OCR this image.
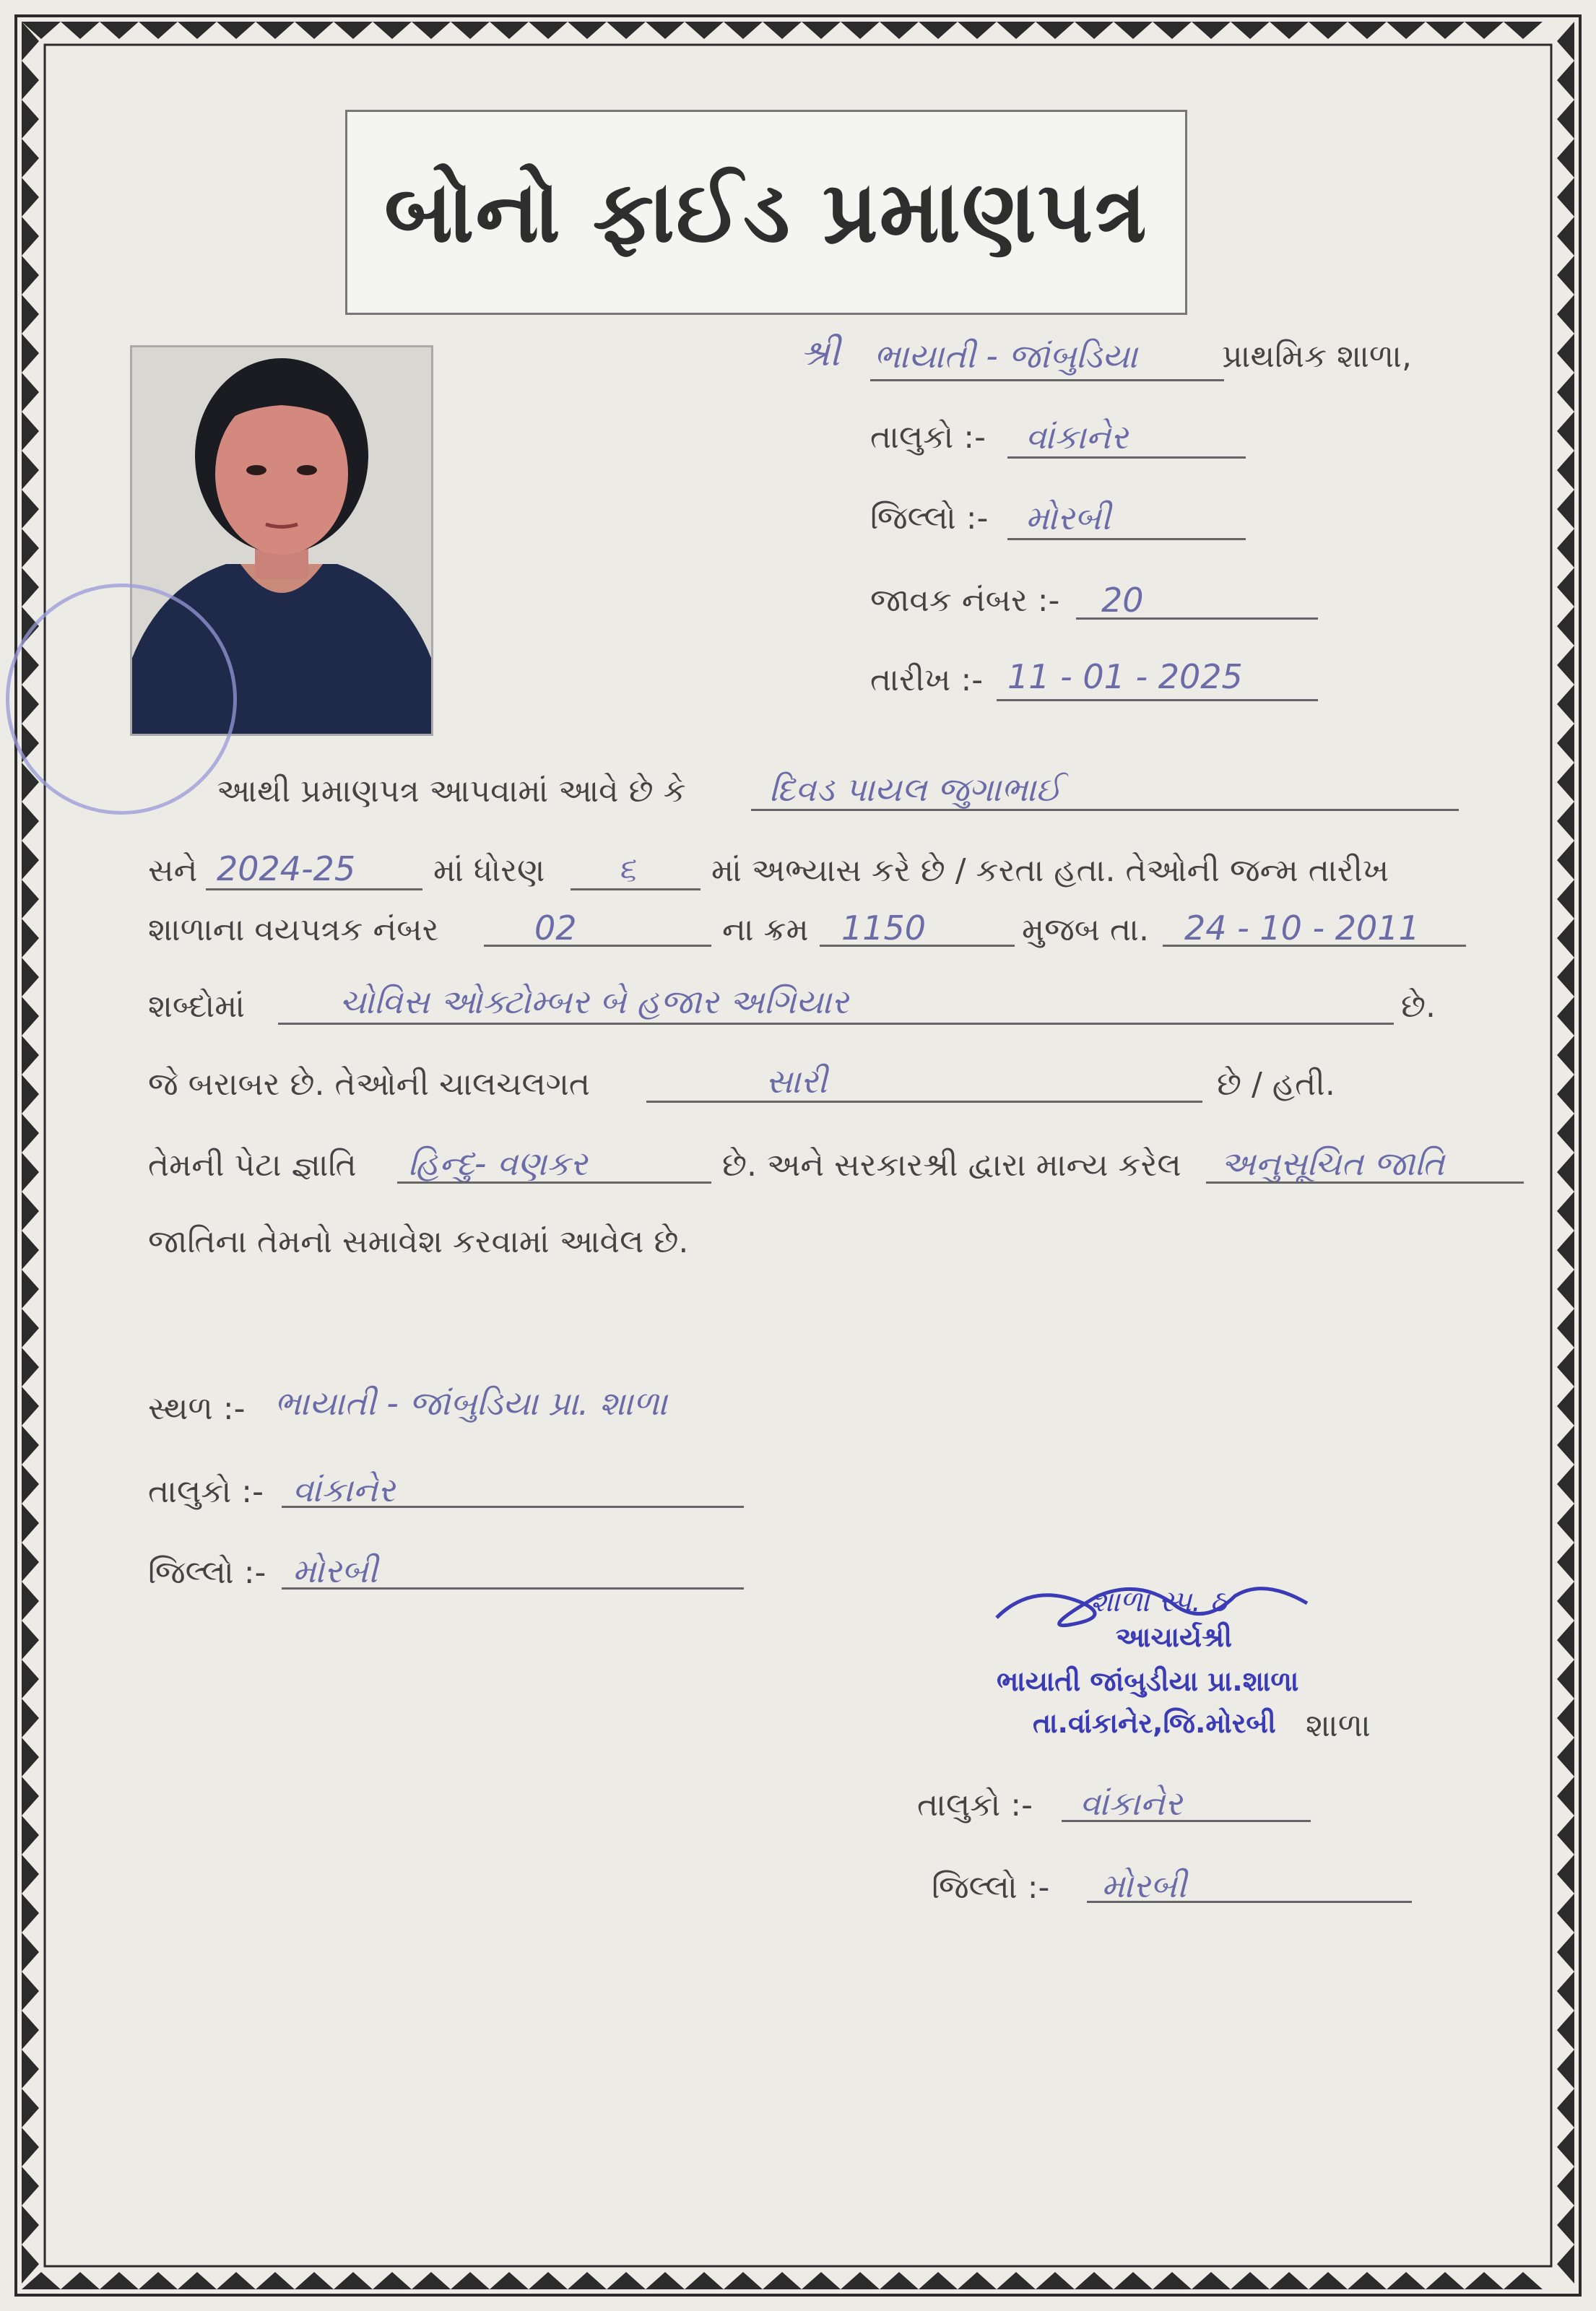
બોનો ફાઈડ પ્રમાણપત્ર
શ્રી ભાયાતી - જાંબુડિયા	પ્રાથમિક શાળા,
તાલુકો :- વાંકાનેર
જિલ્લો :- મોરબી
જાવક નંબર :- 20
તારીખ :- 11 - 01 - 2025
આથી પ્રમાણપત્ર આપવામાં આવે છે કે	દિવડ પાયલ જુગાભાઈ
સને 2024-25 માં ધોરણ ૬ માં અભ્યાસ કરે છે / કરતા હતા. તેઓની જન્મ તારીખ
શાળાના વયપત્રક નંબર	02	ના ક્રમ 1150	મુજબ તા. 24 - 10 - 2011
શબ્દોમાં	ચોવિસ ઓક્ટોમ્બર બે હજાર અગિયાર	છે.
જે બરાબર છે. તેઓની ચાલચલગત	સારી	છે / હતી.
તેમની પેટા જ્ઞાતિ હિન્દુ- વણકર	છે. અને સરકારશ્રી દ્વારા માન્ય કરેલ અનુસૂચિત જાતિ
જાતિના તેમનો સમાવેશ કરવામાં આવેલ છે.
સ્થળ :- ભાયાતી - જાંબુડિયા પ્રા. શાળા
તાલુકો :- વાંકાનેર
જિલ્લો :- મોરબી
શાળા સ્પ. ઠ
આચાર્યશ્રી
ભાયાતી જાંબુડીયા પ્રા.શાળા
તા.વાંકાનેર,જિ.મોરબી શાળા
તાલુકો :- વાંકાનેર
જિલ્લો :- મોરબી
